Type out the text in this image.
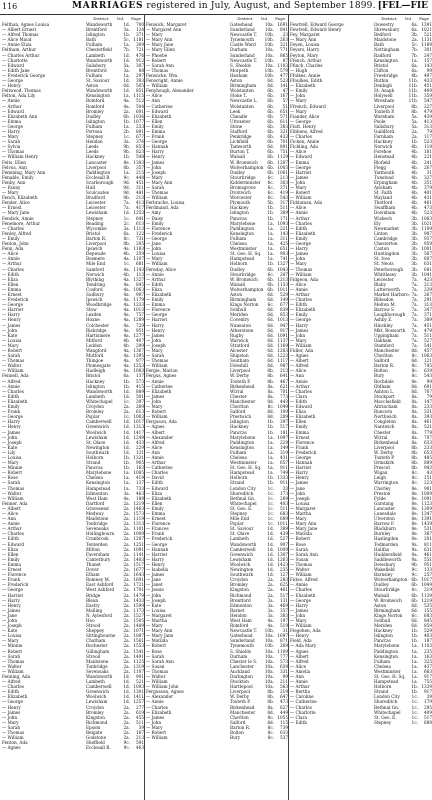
116	MARRIAGES registered in July, August, and September 1899. [FEL—FIE
District. Vol. Page
Felthan, Agnes Louisa	Wandsworth	1d.	700
— Albert Ernest	Brentford	3a.	124
— Alfred Thomas	Islington	1b.	371
— Alice Maud	Bath	5c. 1181
— Annie Eliza	Fulham	1a.	309
Feltham, Arthur	Chesterfield	7b.	721
— Charles Arthur	Lambeth	1d.	476
— Charlotte	Wandsworth	1d.	912
— Edward	Salisbury	5a.	307
— Edith Jane	Brentford	3a.	88
— Frederick George	Fulham	1a.	297
— George	St. Saviour	1d.	383
— Henry	Aston	6d.	505
Feltwood, Thomas	Wandsworth	1d.	851
Felton, Ada Lily	Kensington	1a. 1115
— Annie	Romford	4a.	512
— Arthur	Romford	4a.	504
— Edward	Bromley	2a.	601
— Elizabeth Ann	Dudley	6b. 1036
— Emma	Islington	1b. 1077
— George	Fulham	1a.	233
— Harry	Portsea	2b.	801
— Mary	Stepney	1c.	677
— Sarah	Hendon	3a.	376
— Sylvia	Leeds	9b.	853
— Thomas	Leeds	9b.	823
— William Henry	Hackney	1b.	548
Felts, Ellen	Lancaster	8e. 1303
Felvus, Ann	Liverpool	8b.	357
Femming, Mary Ann	Paddington	1a.	215
Fenable, Emily	Ecclesall B.	9c.	448
Fenby, Ann	Scarborough	9d.	451
— Fanny	Hull	9d.	311
— Mary	Sculcoates	9d.	481
Fench, Elizabeth	Bradford	9b.	213
Fender, Alice	Leicester	7a.	413
— Ernest	Leicester	7a.	417
— Mary Jane	Lewisham	1d. 1253
Fendick, Annie	Stepney	1c.	641
Fenemore, Arthur	Reading	2c.	613
— Charles	Wycombe	3a. 1113
Fenley, Alfred	Bristol	6a.	122
— Emily	Barton R.	8c.	731
Fenlon, John	Liverpool	8b.	205
Fenn, Ada	Ipswich	4a. 1183
— Alice	Depwade	4b.	259
— Annie	Bosmere	4a. 1107
— Arthur	Mile End	1c.	681
— Charles	Samford	4a. 1143
— Edith	Norwich	4b.	113
— Eliza	Blything	4a. 1327
— Ellen	Tendring	4a.	845
— Emma	Cosford	4a. 1063
— Ernest	Sudbury	4a.	907
— Frederick	Ipswich	4a. 1179
— George	Woodbridge	4a. 1233
— Harriet	Stow	4a. 1013
— Harry	Lexden	4a.	757
— Henry	Hoxne	4a. 1289
— James	Colchester	4a.	729
— John	Risbridge	4a.	951
— Kate	Hartismere	4a. 1277
— Louisa	Mitford	4b.	407
— Mary	Loddon	4b.	299
— Robert	Wangford	4a. 1367
— Sarah	Mutford	4a. 1395
— Thomas	Thingoe	4a.	977
— Walter	Plomesgate	4a. 1253
— William	Hadleigh	4a. 1083
Fennell, Ada	Bristol	6a.	137
— Alfred	Hackney	1b.	573
— Annie	Islington	1b.	415
— Charles	Wandsworth	1d.	889
— Edith	Lambeth	1d.	501
— Elizabeth	Whitechapel	1c.	397
— Emily	Croydon	2a.	269
— Frank	Bromley	2a.	613
— George	Poplar	1c. 1003
— Harry	Camberwell	1d. 1017
— Henry	Greenwich	1d. 1313
— James	Woolwich	1d. 1417
— John	Lewisham	1d. 1249
— Joseph	St. Olave	1d.	433
— Kate	Newington	1d.	229
— Lily	Southwark	1d.	121
— Louisa	Holborn	1b. 1321
— Mary	Strand	1b.	905
— Minnie	Pancras	1b.	163
— Robert	Marylebone	1a. 1085
— Rose	Chelsea	1a.	419
— Sarah	Kensington	1a.	137
— Thomas	Hampstead	1a.	733
— Walter	Edmonton	3a.	463
— William	West Ham	4a.	189
Fenner, Ada	Dartford	2a. 1219
— Albert	Gravesend	2a. 1463
— Alice	Medway	2a. 1573
— Ann	Maidstone	2a. 1119
— Annie	Tonbridge	2a. 1313
— Arthur	Sevenoaks	2a. 1101
— Charles	Hollingbourn	2a. 1009
— Edith	Cranbrook	2a. 1207
— Edward	Tenterden	2a. 1251
— Eliza	Milton	2a. 1091
— Ellen	Faversham	2a. 1141
— Emily	Canterbury	2a. 1403
— Emma	Thanet	2a. 1517
— Ernest	Dover	2a. 1677
— Florence	Elham	2a. 1643
— Frank	Romney M.	2a. 1691
— Frederick	East Ashford	2a. 1721
— George	West Ashford	2a. 1701
— Harriet	Bridge	2a. 1479
— Harry	Blean	2a. 1433
— Henry	Eastry	2a. 1599
— James	Malling	2a. 1173
— Jane	N. Aylesford	2a. 1527
— John	Hoo	2a. 1505
— Joseph	Strood	2a. 1489
— Kate	Sheppey	2a. 1071
— Louisa	Sittingbourne	2a. 1087
— Mary	Chatham	2a. 1561
— Minnie	Rochester	2a. 1553
— Robert	Gillingham	2a. 1541
— Sarah	Strood	2a. 1491
— Thomas	Maidstone	2a. 1125
— Walter	Tonbridge	2a. 1319
— William	Sevenoaks	2a. 1107
Fenning, Ada	Wandsworth	1d.	901
— Alfred	Lambeth	1d.	521
— Charles	Camberwell	1d. 1003
— Edith	Greenwich	1d. 1301
— Elizabeth	Woolwich	1d. 1411
— George	Lewisham	1d. 1257
— Henry	Croydon	2a.	277
— James	Bromley	2a.	619
— John	Kingston	2a.	455
— Mary	Richmond	2a.	511
— Sarah	Epsom	2a.	39
— Thomas	Reigate	2a.	167
— William	Godstone	2a.	213
Fenton, Ada	Sheffield	9c.	591
— Agnes	Ecclesall B.	9c.	463
District. Vol. Page
Fenwick, Margaret	Gateshead	10a. 1691
— Margaret Ann	Sunderland	10a.	841
— Mary	Newcastle T.	10b.	23
— Mary Ann	Tynemouth	10b.	263
— Mary Jane	Castle Ward	10b.	321
— Mary Ellen	Durham	10a.	771
— Phoebe	Sunderland	10a.	865
— Robert	Newcastle T.	10b.	87
— Sarah Ann	S. Shields	10a. 1103
— Thomas	Morpeth	10b.	579
Fenwicke, Wm.	Hexham	10b.	477
Fenwright, Annie	Aston	6d.	523
— William	Birmingham	6d.	141
Fenyhough, Alexander	Wolstanton	6b.	47
— Alice	Stoke T.	6b.	167
— Ann	Newcastle L.	6b.	57
— Catherine	Wolstanton	6b.	51
— Edward	Leek	6b.	651
— Elizabeth	Cheadle	6b.	571
— Ellen	Uttoxeter	6b.	611
— Emily	Stone	6b.	383
— Emma	Stafford	6b.	321
— Frank	Penkridge	6b.	433
— George	Lichfield	6b.	701
— Hannah	Tamworth	6d.	891
— Harry	Burton T.	6b.	751
— Henry	Walsall	6b. 1129
— James	W. Bromwich	6b. 1207
— John	Wolverhampton 6b. 1003
— Joseph	Dudley	6b. 1061
— Mary	Stourbridge	6c.	213
— Mary Ann	Kidderminster	6c.	303
— Sarah	Bromsgrove	6c.	371
— Thomas	Droitwich	6c.	419
— William	Worcester	6c.	543
Ferbrache, Louisa	Plymouth	5b.	317
Ferdinand, Ada	Hackney	1b.	511
— Amy	Islington	1b.	389
— Daisy	Pancras	1b.	171
— Emily	Marylebone	1a. 1093
— Florence	Paddington	1a.	221
— Frederick	Kensington	1a.	143
— George	Fulham	1a.	311
— Jane	Chelsea	1a.	425
— John	Westminster	1a.	651
— Louisa	St. Geo. H. Sq.	1a.	903
— Mary	Hampstead	1a.	741
— William	Holborn	1b. 1327
Fereday, Alice	Dudley	6b. 1043
— Annie	Stourbridge	6c.	207
— Arthur	W. Bromwich	6b. 1213
— Edith	Walsall	6b. 1133
— Eliza	Wolverhampton 6b. 1011
— Elizabeth	Aston	6d.	529
— Emily	Birmingham	6d.	149
— Emma	Kings Norton	6c.	677
— Florence	Solihull	6d.	839
— George	Meriden	6d.	853
— Harriet	Coventry	6d. 1013
— Harry	Nuneaton	6d.	947
— Henry	Atherstone	6d.	917
— James	Rugby	6d. 1091
— John	Warwick	6d. 1137
— Joseph	Stratford	6d. 1169
— Mary	Alcester	6d. 1203
— Sarah	Shipston	6d. 1223
— Thomas	Southam	6d. 1117
— William	Foleshill	6d.	987
Fergie, Marion	Liverpool	8b.	213
Fergus, Agnes	W. Derby	8b.	641
— Annie	Toxteth P.	8b.	467
— Catherine	Birkenhead	8a.	621
— Elizabeth	Wirral	8a.	701
— James	Chester	8a.	773
— John	Manchester	8d.	443
— Mary	Chorlton	8c. 1049
— Robert	Salford	8d.	109
— William	Prestwich	8d.	209
Ferguson, Ada	Islington	1b.	397
— Agnes	Hackney	1b.	517
— Albert	Pancras	1b.	181
— Alexander	Marylebone	1a. 1097
— Alfred	Paddington	1a.	229
— Alice	Kensington	1a.	149
— Ann	Fulham	1a.	319
— Annie	Chelsea	1a.	431
— Arthur	Westminster	1a.	657
— Catherine	St. Geo. H. Sq.	1a.	911
— Charles	Hampstead	1a.	749
— David	Holborn	1b. 1333
— Edith	Strand	1b.	911
— Edward	London City	1c.	33
— Eliza	Shoreditch	1c.	173
— Elizabeth	Bethnal Gn.	1c.	289
— Ellen	Whitechapel	1c.	403
— Emily	St. Geo. E.	1c.	511
— Emma	Stepney	1c.	683
— Ernest	Mile End	1c.	689
— Florence	Poplar	1c. 1011
— Frances	St. Saviour	1d.	389
— Frank	St. Olave	1d.	439
— Frederick	Lambeth	1d.	527
— George	Wandsworth	1d.	907
— Hannah	Camberwell	1d. 1009
— Harriet	Greenwich	1d. 1307
— Harry	Lewisham	1d. 1263
— Henry	Woolwich	1d. 1423
— Isabella	Newington	1d.	235
— James	Southwark	1d.	127
— Jane	Croydon	2a.	283
— Janet	Bromley	2a.	625
— Jessie	Kingston	2a.	461
— John	Richmond	2a.	517
— Joseph	Brentford	3a.	131
— Kate	Edmonton	3a.	469
— Louisa	Barnet	3a.	357
— Margaret	Hendon	3a.	383
— Martha	West Ham	4a.	197
— Mary	Romford	4a.	519
— Mary Ann	Newcastle T.	10b.	31
— Mary Jane	Gateshead	10a. 1697
— Matilda	Sunderland	10a.	871
— Robert	Tynemouth	10b.	269
— Rose	S. Shields	10a. 1109
— Sarah	Durham	10a.	777
— Sarah Ann	Chester le S.	10a.	573
— Susan	Lanchester	10a.	639
— Thomas	Auckland	10a.	331
— Walter	Darlington	10a.	99
— William	Stockton	10a.	211
— William John	Hartlepool	10a.	563
Fergusson, Agnes	Liverpool	8b.	219
— Alexander	W. Derby	8b.	647
— Annie	Toxteth P.	8b.	473
— Charles	Birkenhead	8a.	627
— Elizabeth	Manchester	8d.	449
— James	Chorlton	8c. 1055
— John	Salford	8d.	115
— Mary	Barton R.	8c.	739
— Robert	Bolton	8c.	633
— William	Bury	8c.	537
District. Vol. Page
Fewtrell, Edward George	Oswestry	6a. 1391
Fewtrell, Edward Henry	Shrewsbury	6a. 1021
Fey, Margaret	Bedford	3b.	521
— Mary Ann	Maidstone	2a. 1131
Feyen, Louisa	Bath	5c. 1189
Feyers, Harry	Nottingham	7b.	301
Feyton, Mary	Radford	7b.	247
Ffench, Arthur	Kensington	1a.	157
Ffinch, Charles	Bristol	6a.	143
— Hugh	Clifton	6a.	99
Ffolkes, Annie	Freebridge	4b.	497
Ffoulkes, Edith	Ruthin	11b.	433
— Elizabeth	Denbigh	11b.	451
— Emily	St. Asaph	11b.	409
— John	Holywell	11b.	359
— Mary	Wrexham	11b.	547
Ffrench, Edward	Liverpool	8b.	227
— Mary	Toxteth P.	8b.	479
Fiander, Alice	Wareham	5a.	439
— George	Poole	5a.	413
Fiatt, Henry	Salisbury	5a.	313
Fibbens, Alfred	Guildford	2a.	79
— Charles	Farnham	2a.	117
Ficken, Annie	Hackney	1b.	523
Fickling, Ada	Norwich	4b.	119
— Alice	Forehoe	4b.	181
— Edward	Henstead	4b.	221
— Emma	Blofield	4b.	241
— George	Flegg	4b.	267
— Harriet	Yarmouth	4b.	31
— James	Tunstead	4b.	327
— John	Erpingham	4b.	351
— Mary	Aylsham	4b.	379
— Robert	St. Faith	4b.	401
— William	Wayland	4b.	431
Fiddaman, Ada	Thetford	4b.	461
— Alice	Swaffham	4b.	473
— Annie	Downham	4b.	523
— Arthur	Wisbech	3b. 1063
— Charles	Ely	3b. 1021
— Edith	Newmarket	3b. 1109
— Elizabeth	Linton	3b.	987
— Emily	Cambridge	3b.	937
— George	Chesterton	3b.	959
— Harry	Caxton	3b. 1001
— James	Huntingdon	3b.	567
— John	St. Ives	3b.	607
— Mary	St. Neots	3b.	631
— Thomas	Peterborough	3b.	681
— William	Whittlesey	3b. 1041
Fidgeon, Ada	Leicester	7a.	423
— Alice	Blaby	7a.	213
— Annie	Lutterworth	7a.	239
— Arthur	Market Harboro. 7a.	267
— Charles	Billesdon	7a.	291
— Edith	Melton M.	7a.	313
— Elizabeth	Barrow S.	7a.	347
— Emily	Loughborough	7a.	371
— George	Ashby Z.	7a.	389
— Harry	Hinckley	7a.	451
— James	Mkt. Bosworth	7a.	479
— John	Uppingham	7a.	511
— Mary	Oakham	7a.	527
— William	Stamford	7a.	541
Fidler, Ada	Manchester	8d.	457
— Agnes	Chorlton	8c. 1063
— Albert	Salford	8d.	121
— Alfred	Barton R.	8c.	745
— Alice	Bolton	8c.	639
— Ann	Bury	8c.	543
— Annie	Rochdale	8e.	99
— Arthur	Oldham	8d.	691
— Charles	Ashton L.	8d.	767
— Clara	Stockport	8a.	79
— Edith	Macclesfield	8a.	147
— Edward	Altrincham	8a.	233
— Eliza	Runcorn	8a.	331
— Elizabeth	Northwich	8a.	393
— Ellen	Congleton	8a.	461
— Emily	Nantwich	8a.	521
— Emma	Chester	8a.	779
— Ernest	Wirral	8a.	707
— Florence	Birkenhead	8a.	633
— Frank	Liverpool	8b.	233
— Frederick	W. Derby	8b.	653
— George	Toxteth P.	8b.	485
— Hannah	Ormskirk	8b.	889
— Harriet	Prescot	8b.	943
— Harry	Wigan	8c.	43
— Henry	Leigh	8c.	151
— James	Warrington	8c.	223
— Jane	Chorley	8e.	901
— John	Preston	8e. 1009
— Joseph	Fylde	8e. 1091
— Louisa	Garstang	8e. 1123
— Margaret	Lancaster	8e. 1309
— Martha	Lunesdale	8e. 1347
— Mary	Ulverston	8e. 1391
— Mary Ann	Barrow F.	8e. 1439
— Mary Jane	Blackburn	8e.	531
— Matilda	Burnley	8e.	367
— Robert	Haslingden	8e.	201
— Rose	Todmorden	9a.	811
— Sarah	Halifax	9a.	631
— Sarah Ann	Huddersfield	9a.	461
— Susan	Saddleworth	9a.	551
— Thomas	Dewsbury	9b.	951
— Walter	Wakefield	9c.	133
— William	Barnsley	9c.	257
Fidoe, Alfred	Wolverhampton 6b. 1017
— Annie	Dudley	6b. 1049
— Charles	Stourbridge	6c.	219
— Elizabeth	Walsall	6b. 1139
— George	W. Bromwich	6b. 1219
— Harry	Aston	6d.	535
— James	Birmingham	6d.	155
— John	Kings Norton	6c.	683
— Mary	Solihull	6d.	845
— William	Meriden	6d.	859
Fiegehen, Ada	Hackney	1b.	529
— Henry	Islington	1b.	403
Field, Ada	Pancras	1b.	187
— Ada Mary	Marylebone	1a. 1103
— Agnes	Paddington	1a.	235
— Albert	Kensington	1a.	163
— Alfred	Fulham	1a.	325
— Alice	Chelsea	1a.	437
— Amelia	Westminster	1a.	663
— Ann	St. Geo. H. Sq.	1a.	917
— Annie	Hampstead	1a.	755
— Arthur	Holborn	1b. 1339
— Bertha	Strand	1b.	917
— Caroline	London City	1c.	39
— Catherine	Shoreditch	1c.	179
— Charles	Bethnal Gn.	1c.	295
— Charlotte	Whitechapel	1c.	409
— Clara	St. Geo. E.	1c.	517
— Edith	Stepney	1c.	689
